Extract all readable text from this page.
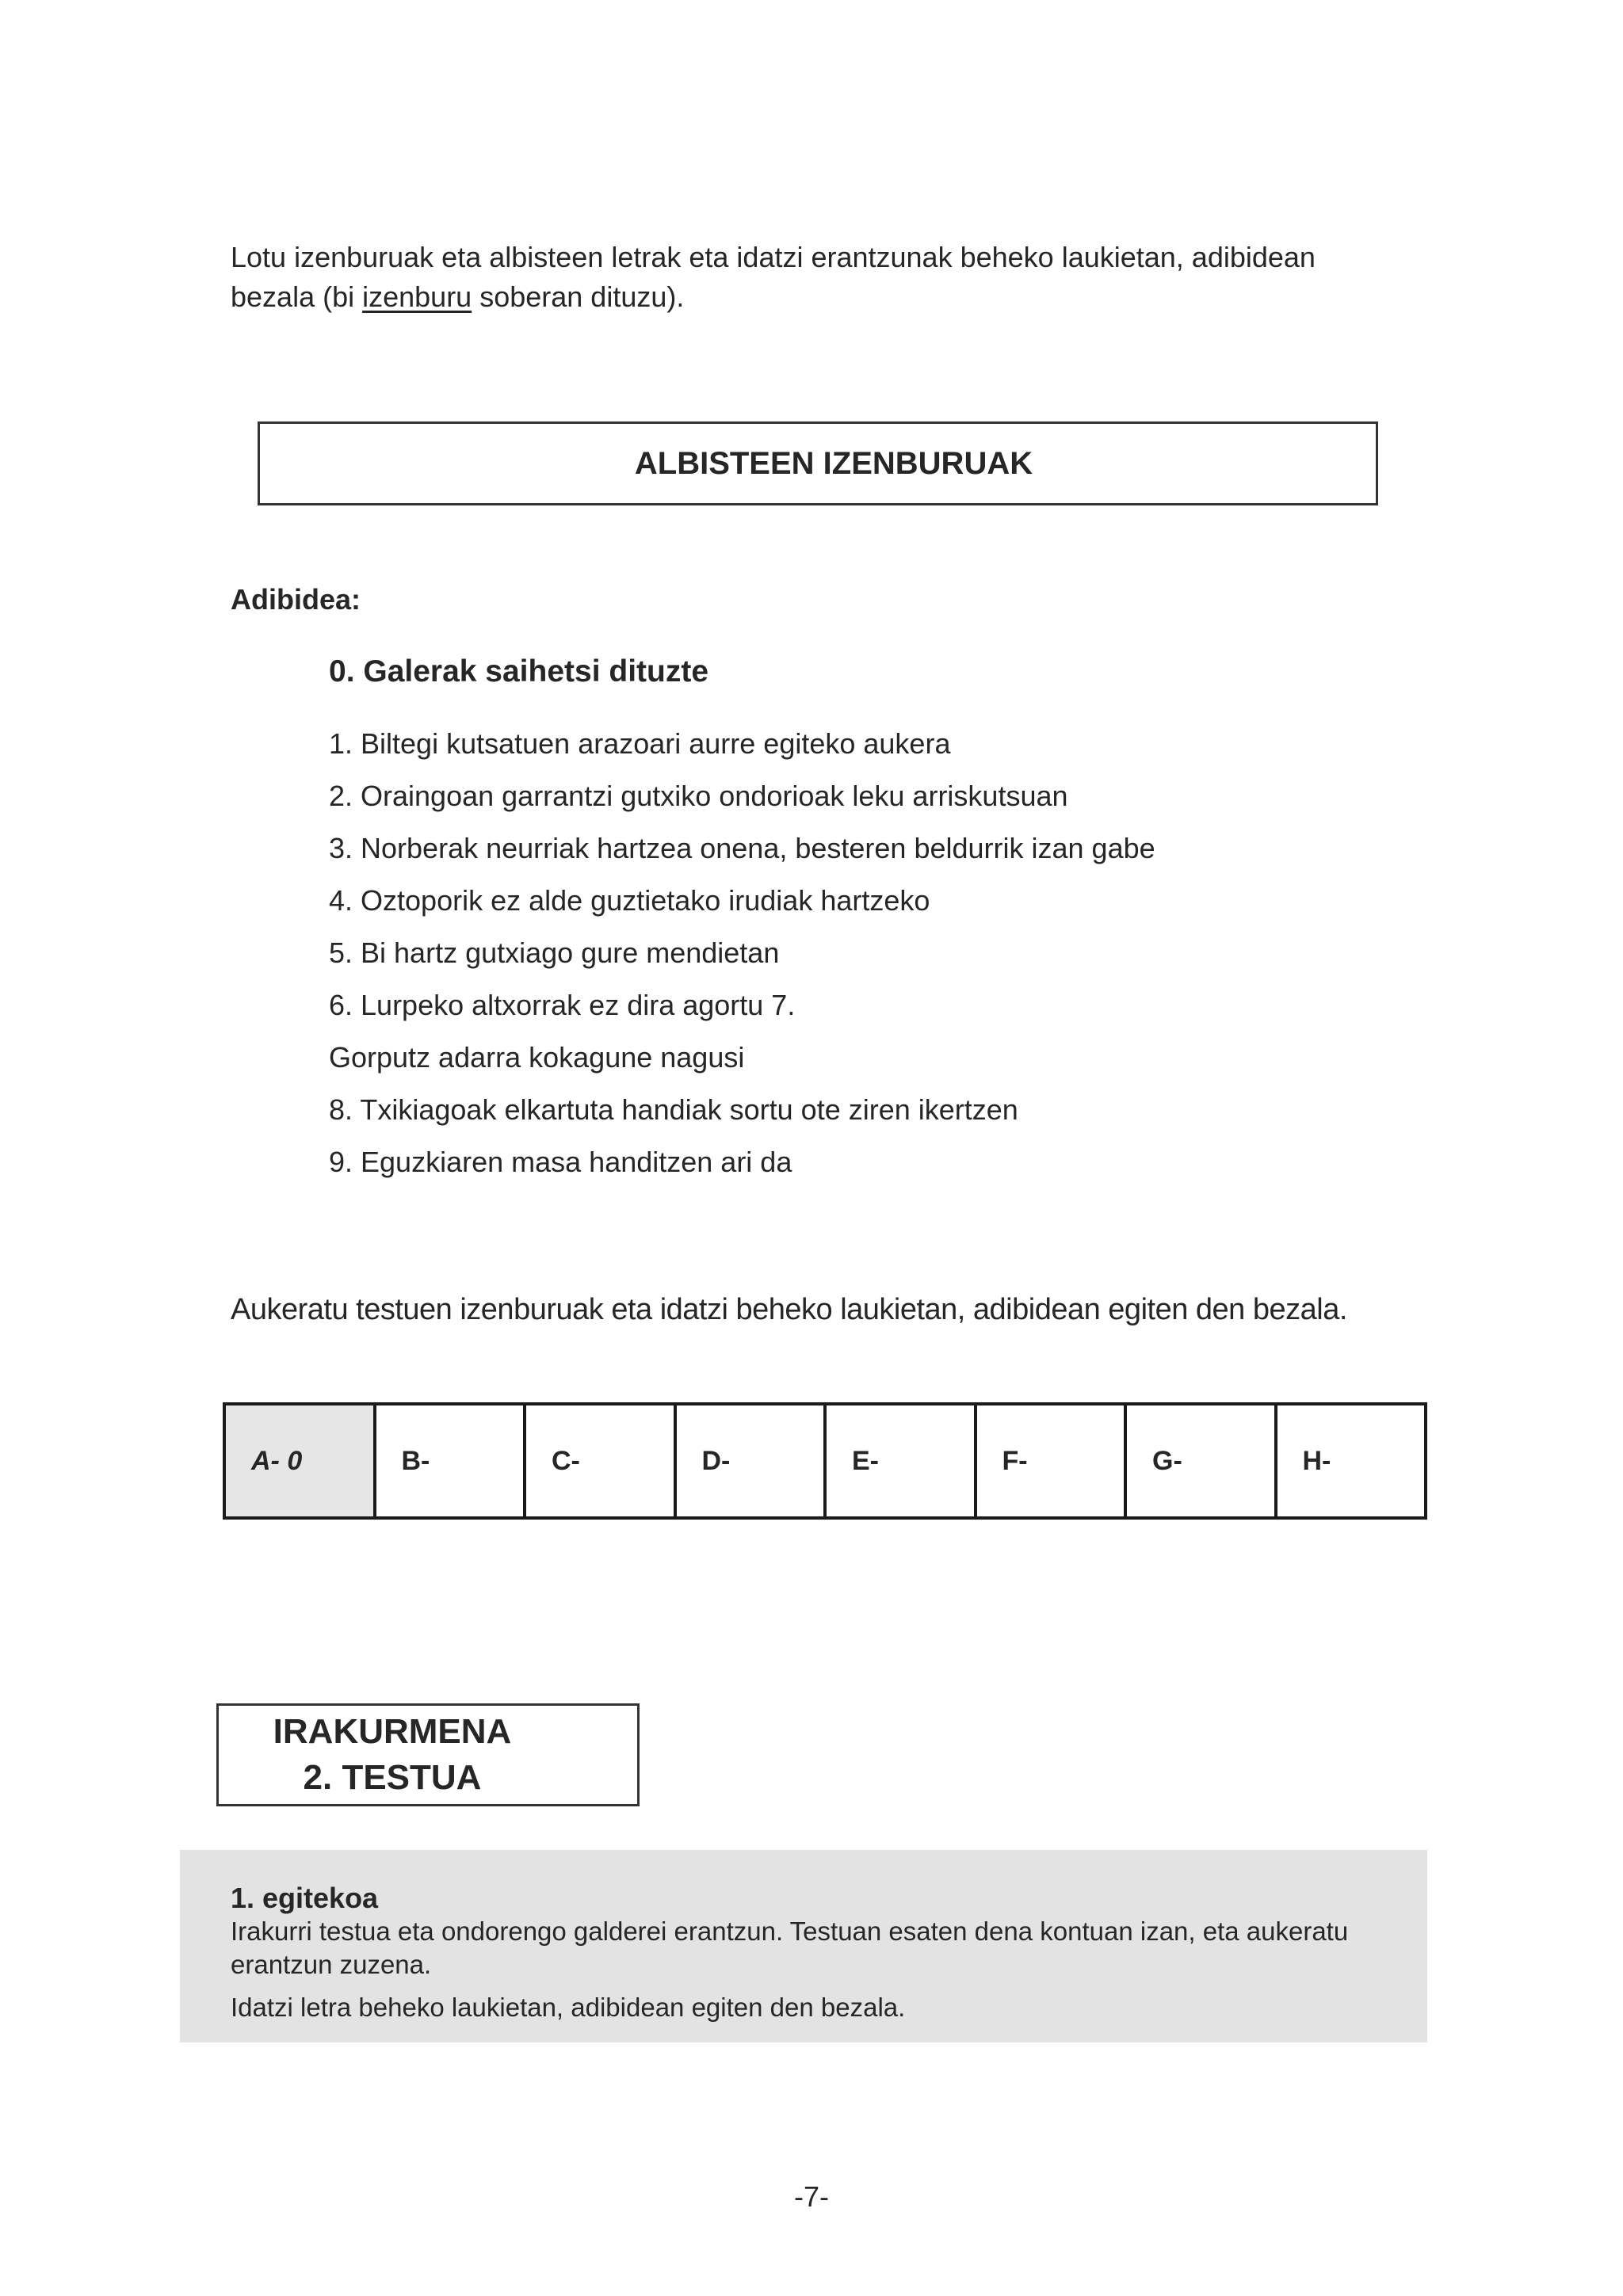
Lotu izenburuak eta albisteen letrak eta idatzi erantzunak beheko laukietan, adibidean bezala (bi izenburu soberan dituzu).
ALBISTEEN IZENBURUAK
Adibidea:
0. Galerak saihetsi dituzte
1. Biltegi kutsatuen arazoari aurre egiteko aukera
2. Oraingoan garrantzi gutxiko ondorioak leku arriskutsuan
3. Norberak neurriak hartzea onena, besteren beldurrik izan gabe
4. Oztoporik ez alde guztietako irudiak hartzeko
5. Bi hartz gutxiago gure mendietan
6. Lurpeko altxorrak ez dira agortu 7.
Gorputz adarra kokagune nagusi
8. Txikiagoak elkartuta handiak sortu ote ziren ikertzen
9. Eguzkiaren masa handitzen ari da
Aukeratu testuen izenburuak eta idatzi beheko laukietan, adibidean egiten den bezala.
A- 0	B-	C-	D-	E-	F-	G-	H-
IRAKURMENA
2. TESTUA
1. egitekoa
Irakurri testua eta ondorengo galderei erantzun. Testuan esaten dena kontuan izan, eta aukeratu erantzun zuzena.
Idatzi letra beheko laukietan, adibidean egiten den bezala.
-7-
